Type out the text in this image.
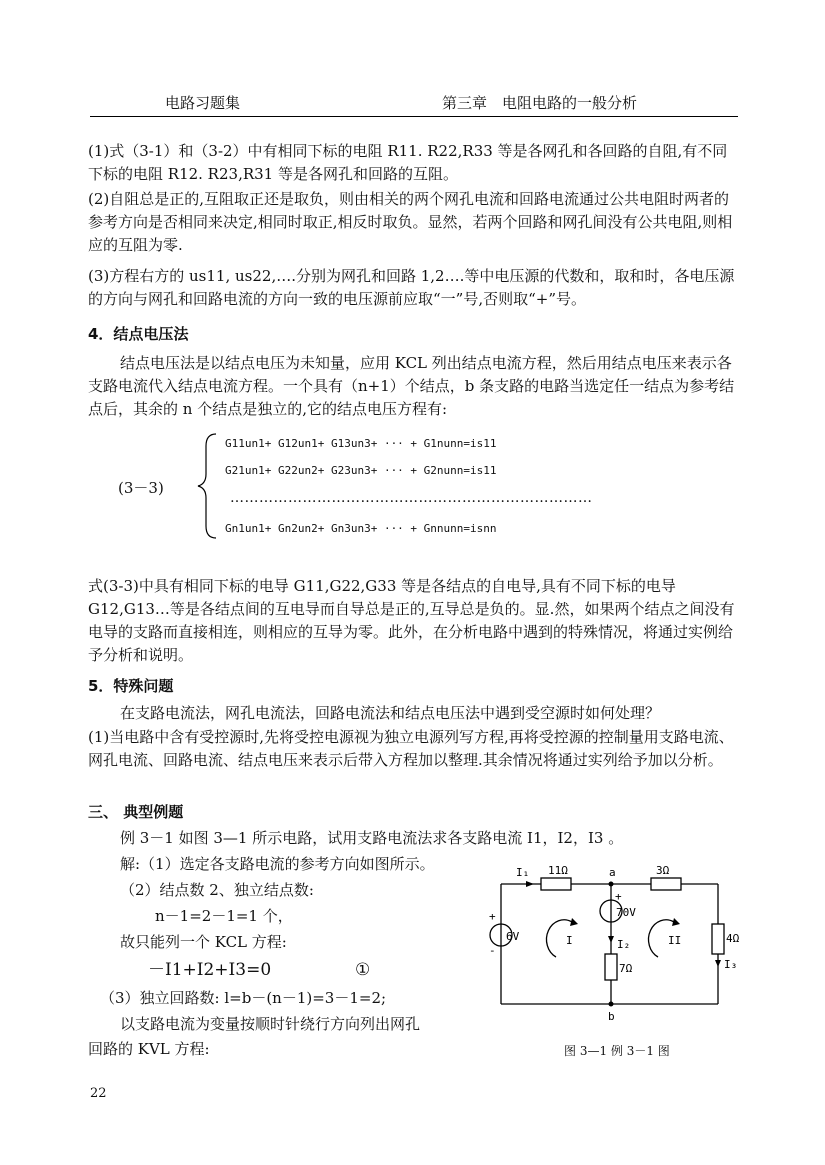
电路习题集	第三章　电阻电路的一般分析

(1)式（3-1）和（3-2）中有相同下标的电阻 R11. R22,R33 等是各网孔和各回路的自阻,有不同下标的电阻 R12. R23,R31 等是各网孔和回路的互阻。

(2)自阻总是正的,互阻取正还是取负，则由相关的两个网孔电流和回路电流通过公共电阻时两者的参考方向是否相同来决定,相同时取正,相反时取负。显然，若两个回路和网孔间没有公共电阻,则相应的互阻为零.

(3)方程右方的 us11, us22,….分别为网孔和回路 1,2….等中电压源的代数和，取和时，各电压源的方向与网孔和回路电流的方向一致的电压源前应取“一”号,否则取“+”号。

4．结点电压法

结点电压法是以结点电压为未知量，应用 KCL 列出结点电流方程，然后用结点电压来表示各支路电流代入结点电流方程。一个具有（n+1）个结点，b 条支路的电路当选定任一结点为参考结点后，其余的 n 个结点是独立的,它的结点电压方程有:

(3－3)
G11un1+ G12un1+ G13un3+ ··· + G1nunn=is11
G21un1+ G22un2+ G23un3+ ··· + G2nunn=is11
…………………………………………………………………
Gn1un1+ Gn2un2+ Gn3un3+ ··· + Gnnunn=isnn

式(3-3)中具有相同下标的电导 G11,G22,G33 等是各结点的自电导,具有不同下标的电导 G12,G13…等是各结点间的互电导而自导总是正的,互导总是负的。显.然，如果两个结点之间没有电导的支路而直接相连，则相应的互导为零。此外，在分析电路中遇到的特殊情况，将通过实例给予分析和说明。

5．特殊问题

在支路电流法，网孔电流法，回路电流法和结点电压法中遇到受空源时如何处理？

(1)当电路中含有受控源时,先将受控电源视为独立电源列写方程,再将受控源的控制量用支路电流、网孔电流、回路电流、结点电压来表示后带入方程加以整理.其余情况将通过实列给予加以分析。

三、 典型例题

例 3－1 如图 3—1 所示电路，试用支路电流法求各支路电流 I1，I2，I3 。

解:（1）选定各支路电流的参考方向如图所示。
（2）结点数 2、独立结点数:
n－1=2－1=1 个，
故只能列一个 KCL 方程:
－I1+I2+I3=0	①
（3）独立回路数: l=b－(n－1)=3－1=2;
以支路电流为变量按顺时针绕行方向列出网孔
回路的 KVL 方程:
I₁ 11Ω	a	3Ω
6V
70V
I	II
I₂
7Ω
4Ω
I₃
b
+
-
+
图 3—1 例 3－1 图
22
